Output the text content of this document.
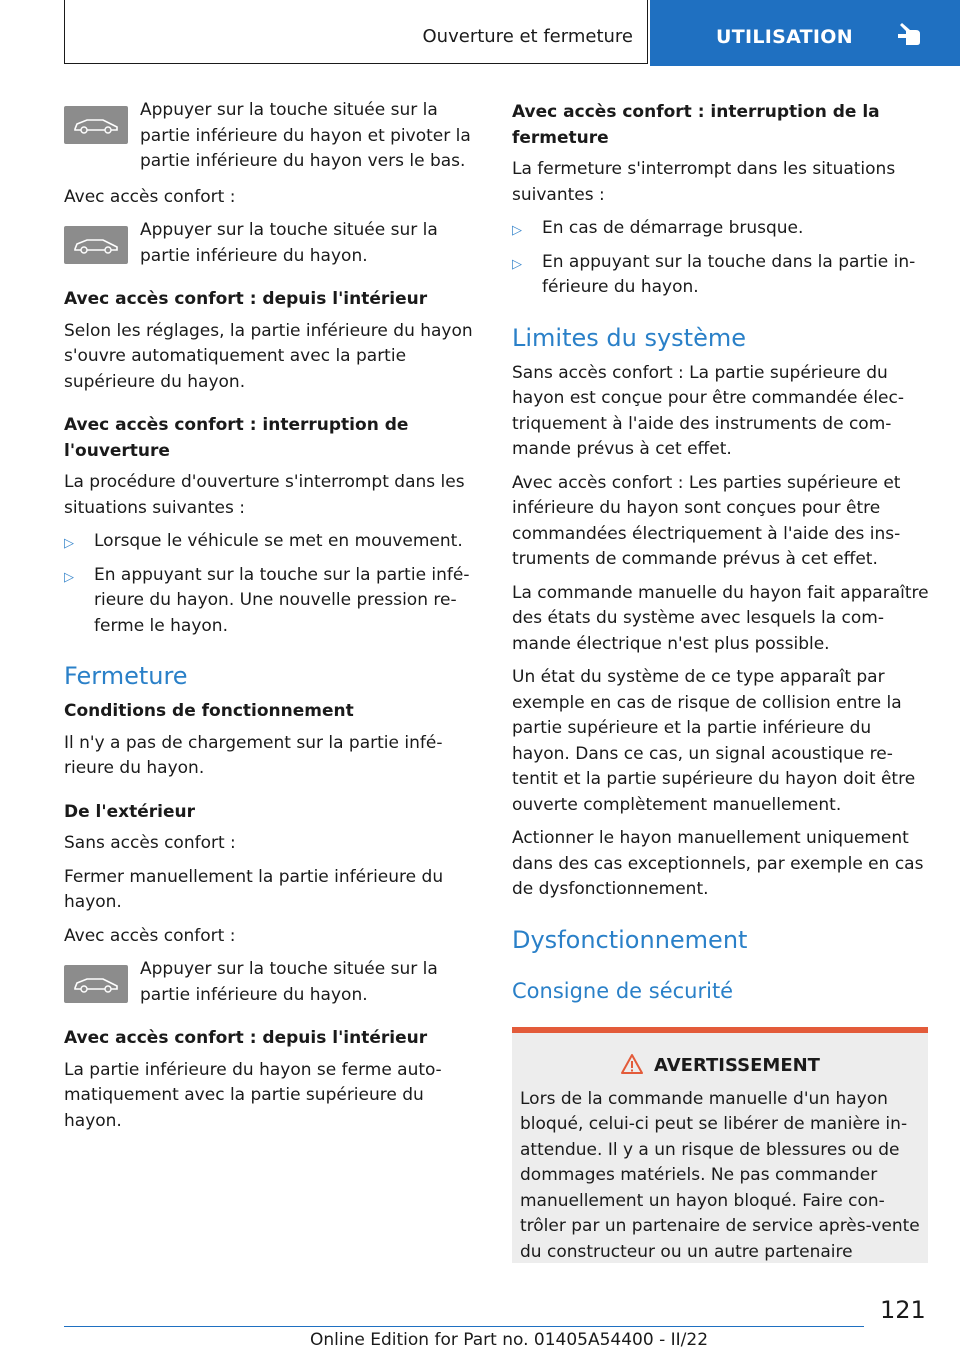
Ouverture et fermeture	UTILISATION

Appuyer sur la touche située sur la partie inférieure du hayon et pivoter la partie inférieure du hayon vers le bas.

Avec accès confort :

Appuyer sur la touche située sur la partie inférieure du hayon.

Avec accès confort : depuis l'intérieur

Selon les réglages, la partie inférieure du hayon s'ouvre automatiquement avec la partie supérieure du hayon.

Avec accès confort : interruption de l'ouverture

La procédure d'ouverture s'interrompt dans les situations suivantes :

▷ Lorsque le véhicule se met en mouvement.
▷ En appuyant sur la touche sur la partie inférieure du hayon. Une nouvelle pression referme le hayon.
Fermeture

Conditions de fonctionnement

Il n'y a pas de chargement sur la partie inférieure du hayon.

De l'extérieur

Sans accès confort :

Fermer manuellement la partie inférieure du hayon.

Avec accès confort :

Appuyer sur la touche située sur la partie inférieure du hayon.

Avec accès confort : depuis l'intérieur

La partie inférieure du hayon se ferme automatiquement avec la partie supérieure du hayon.

Avec accès confort : interruption de la fermeture

La fermeture s'interrompt dans les situations suivantes :

▷ En cas de démarrage brusque.
▷ En appuyant sur la touche dans la partie inférieure du hayon.
Limites du système

Sans accès confort : La partie supérieure du hayon est conçue pour être commandée électriquement à l'aide des instruments de commande prévus à cet effet.

Avec accès confort : Les parties supérieure et inférieure du hayon sont conçues pour être commandées électriquement à l'aide des instruments de commande prévus à cet effet.

La commande manuelle du hayon fait apparaître des états du système avec lesquels la commande électrique n'est plus possible.

Un état du système de ce type apparaît par exemple en cas de risque de collision entre la partie supérieure et la partie inférieure du hayon. Dans ce cas, un signal acoustique retentit et la partie supérieure du hayon doit être ouverte complètement manuellement.

Actionner le hayon manuellement uniquement dans des cas exceptionnels, par exemple en cas de dysfonctionnement.

Dysfonctionnement
Consigne de sécurité
AVERTISSEMENT

Lors de la commande manuelle d'un hayon bloqué, celui-ci peut se libérer de manière inattendue. Il y a un risque de blessures ou de dommages matériels. Ne pas commander manuellement un hayon bloqué. Faire contrôler par un partenaire de service après-vente du constructeur ou un autre partenaire

121
Online Edition for Part no. 01405A54400 - II/22
